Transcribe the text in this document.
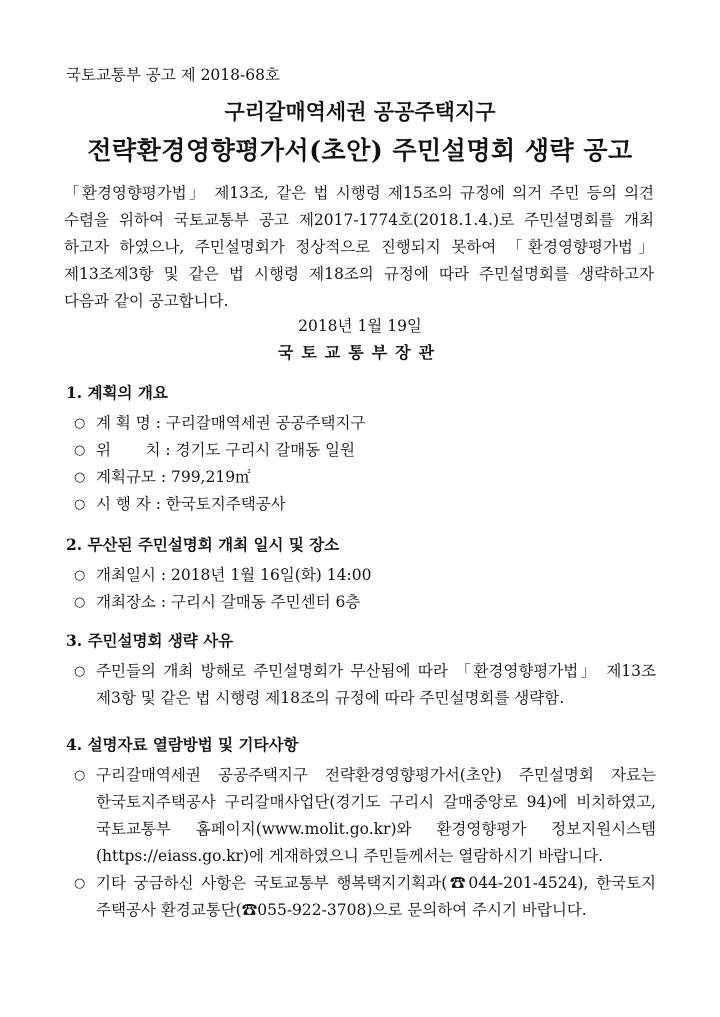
국토교통부 공고 제 2018-68호
구리갈매역세권 공공주택지구
전략환경영향평가서(초안) 주민설명회 생략 공고
「환경영향평가법」 제13조, 같은 법 시행령 제15조의 규정에 의거 주민 등의 의견
수렴을 위하여 국토교통부 공고 제2017-1774호(2018.1.4.)로 주민설명회를 개최
하고자 하였으나, 주민설명회가 정상적으로 진행되지 못하여 「환경영향평가법」
제13조제3항 및 같은 법 시행령 제18조의 규정에 따라 주민설명회를 생략하고자
다음과 같이 공고합니다.
2018년 1월 19일
국토교통부장관
1. 계획의 개요
○ 계 획 명 : 구리갈매역세권 공공주택지구
○ 위       치 : 경기도 구리시 갈매동 일원
○ 계획규모 : 799,219㎡
○ 시 행 자 : 한국토지주택공사
2. 무산된 주민설명회 개최 일시 및 장소
○ 개최일시 : 2018년 1월 16일(화) 14:00
○ 개최장소 : 구리시 갈매동 주민센터 6층
3. 주민설명회 생략 사유
○ 주민들의 개최 방해로 주민설명회가 무산됨에 따라 「환경영향평가법」 제13조
제3항 및 같은 법 시행령 제18조의 규정에 따라 주민설명회를 생략함.
4. 설명자료 열람방법 및 기타사항
○ 구리갈매역세권 공공주택지구 전략환경영향평가서(초안) 주민설명회 자료는
한국토지주택공사 구리갈매사업단(경기도 구리시 갈매중앙로 94)에 비치하였고,
국토교통부 홈페이지(www.molit.go.kr)와 환경영향평가 정보지원시스템
(https://eiass.go.kr)에 게재하였으니 주민들께서는 열람하시기 바랍니다.
○ 기타 궁금하신 사항은 국토교통부 행복택지기획과(☎044-201-4524), 한국토지
주택공사 환경교통단(☎055-922-3708)으로 문의하여 주시기 바랍니다.
